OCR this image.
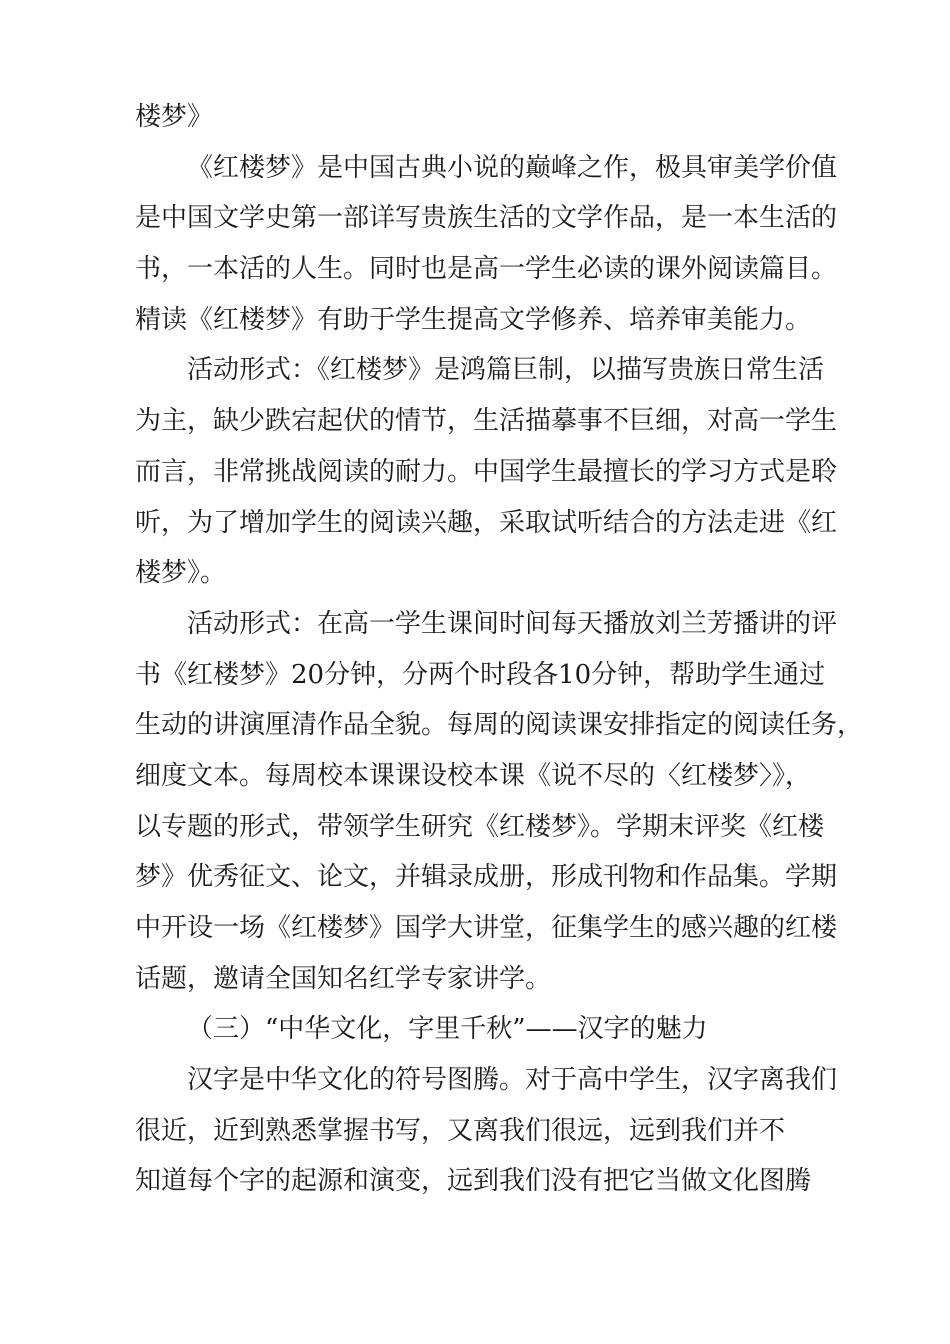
楼梦》
《红楼梦》是中国古典小说的巅峰之作，极具审美学价值
是中国文学史第一部详写贵族生活的文学作品，是一本生活的
书，一本活的人生。同时也是高一学生必读的课外阅读篇目。
精读《红楼梦》有助于学生提高文学修养、培养审美能力。
活动形式：《红楼梦》是鸿篇巨制，以描写贵族日常生活
为主，缺少跌宕起伏的情节，生活描摹事不巨细，对高一学生
而言，非常挑战阅读的耐力。中国学生最擅长的学习方式是聆
听，为了增加学生的阅读兴趣，采取试听结合的方法走进《红
楼梦》。
活动形式：在高一学生课间时间每天播放刘兰芳播讲的评
书《红楼梦》20分钟，分两个时段各10分钟，帮助学生通过
生动的讲演厘清作品全貌。每周的阅读课安排指定的阅读任务，
细度文本。每周校本课课设校本课《说不尽的〈红楼梦〉》，
以专题的形式，带领学生研究《红楼梦》。学期末评奖《红楼
梦》优秀征文、论文，并辑录成册，形成刊物和作品集。学期
中开设一场《红楼梦》国学大讲堂，征集学生的感兴趣的红楼
话题，邀请全国知名红学专家讲学。
（三）“中华文化，字里千秋”——汉字的魅力
汉字是中华文化的符号图腾。对于高中学生，汉字离我们
很近，近到熟悉掌握书写，又离我们很远，远到我们并不
知道每个字的起源和演变，远到我们没有把它当做文化图腾
